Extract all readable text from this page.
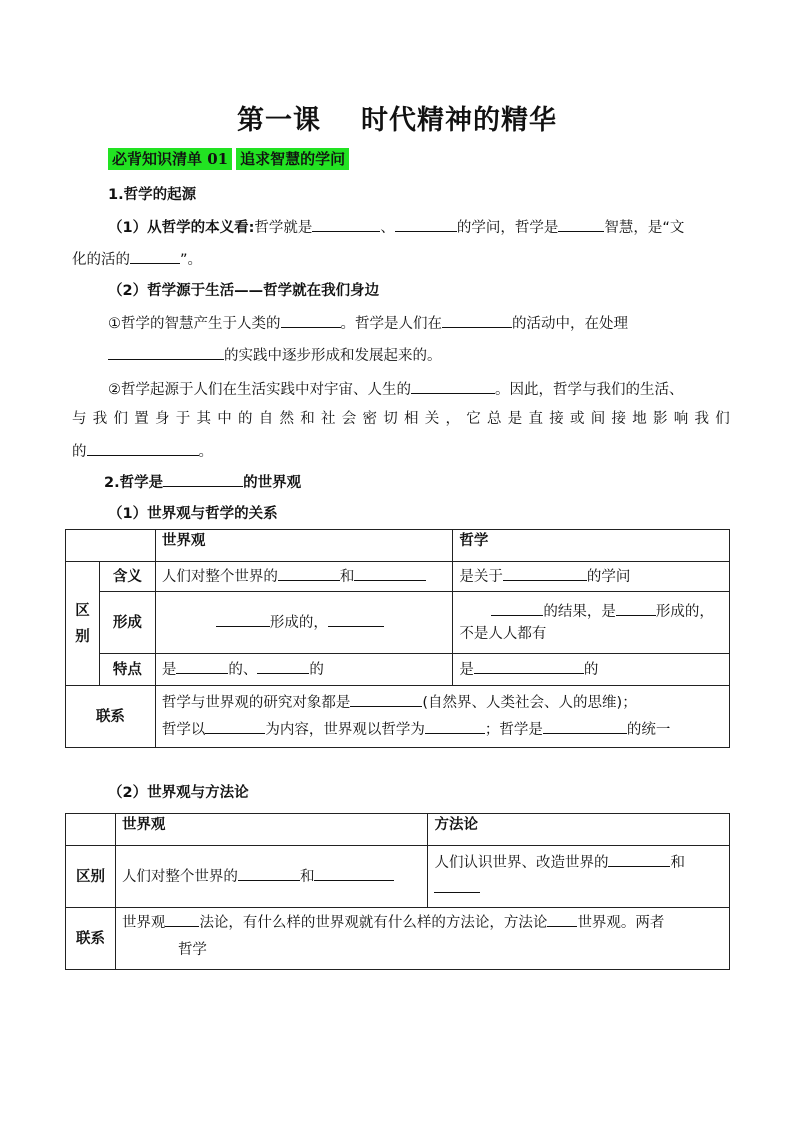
第一课 时代精神的精华
必背知识清单 01 追求智慧的学问
1.哲学的起源
（1）从哲学的本义看:哲学就是	、	的学问，哲学是	智慧，是“文
化的活的	”。
（2）哲学源于生活——哲学就在我们身边
①哲学的智慧产生于人类的	。哲学是人们在	的活动中，在处理
的实践中逐步形成和发展起来的。
②哲学起源于人们在生活实践中对宇宙、人生的	。因此，哲学与我们的生活、
与 我 们 置 身 于 其 中 的 自 然 和 社 会 密 切 相 关 ， 它 总 是 直 接 或 间 接 地 影 响 我 们
的	。
2.哲学是	的世界观
（1）世界观与哲学的关系
		世界观	哲学
区别	含义	人们对整个世界的 和	是关于 的学问
	形成	形成的，	的结果，是 形成的，
不是人人都有
	特点	是 的、 的	是 的
联系		哲学与世界观的研究对象都是 (自然界、人类社会、人的思维)；
哲学以 为内容，世界观以哲学为 ；哲学是 的统一	
（2）世界观与方法论
	世界观	方法论
区别	人们对整个世界的 和	人们认识世界、改造世界的 和

联系	世界观 法论，有什么样的世界观就有什么样的方法论，方法论 世界观。两者
哲学	
